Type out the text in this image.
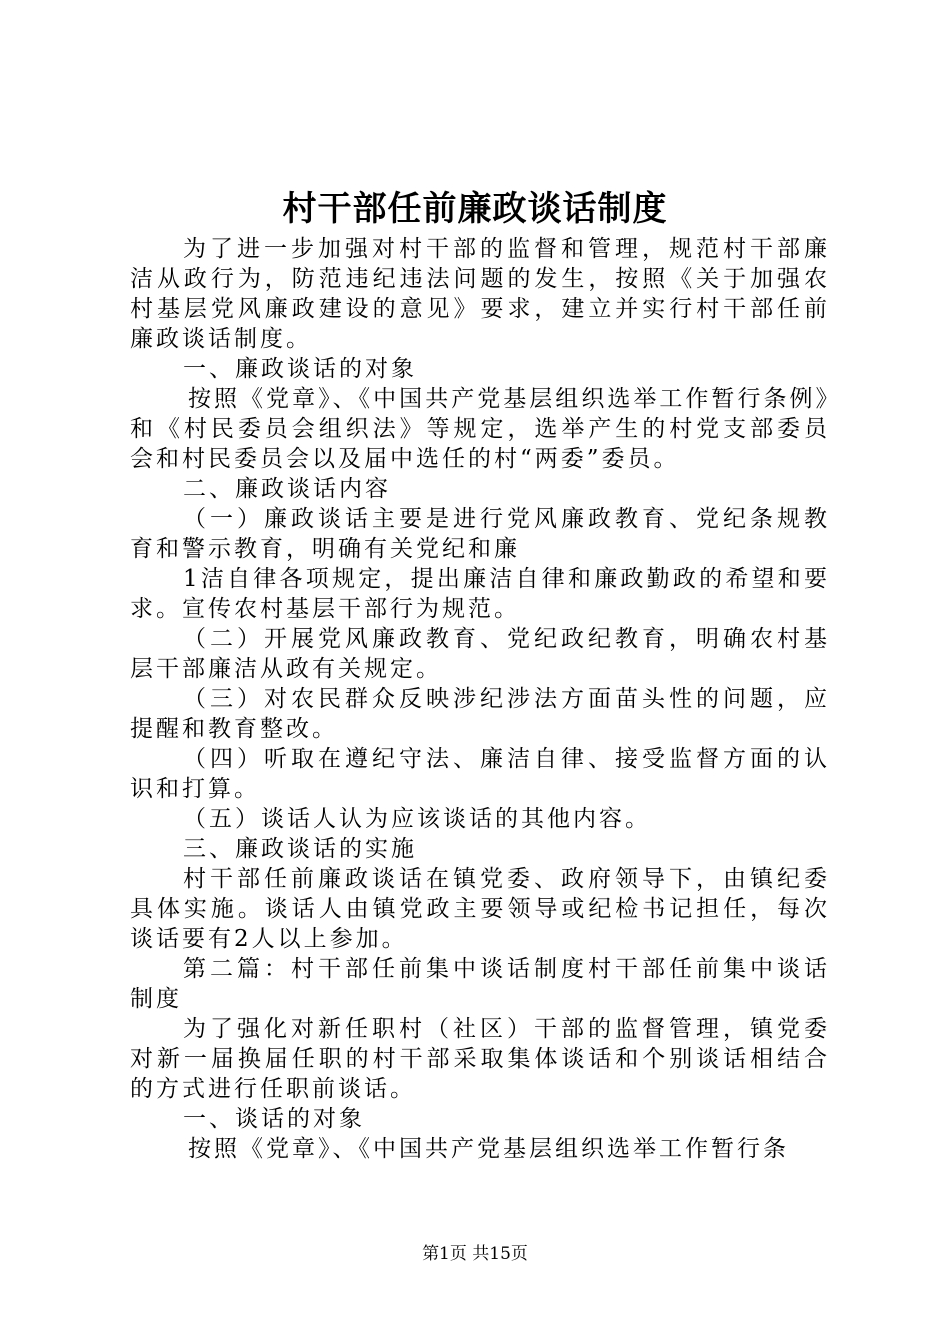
村干部任前廉政谈话制度

为了进一步加强对村干部的监督和管理，规范村干部廉洁从政行为，防范违纪违法问题的发生，按照《关于加强农村基层党风廉政建设的意见》要求，建立并实行村干部任前廉政谈话制度。

一、廉政谈话的对象

按照《党章》、《中国共产党基层组织选举工作暂行条例》和《村民委员会组织法》等规定，选举产生的村党支部委员会和村民委员会以及届中选任的村“两委”委员。

二、廉政谈话内容

（一）廉政谈话主要是进行党风廉政教育、党纪条规教育和警示教育，明确有关党纪和廉

1洁自律各项规定，提出廉洁自律和廉政勤政的希望和要求。宣传农村基层干部行为规范。

（二）开展党风廉政教育、党纪政纪教育，明确农村基层干部廉洁从政有关规定。

（三）对农民群众反映涉纪涉法方面苗头性的问题，应提醒和教育整改。

（四）听取在遵纪守法、廉洁自律、接受监督方面的认识和打算。

（五）谈话人认为应该谈话的其他内容。

三、廉政谈话的实施

村干部任前廉政谈话在镇党委、政府领导下，由镇纪委具体实施。谈话人由镇党政主要领导或纪检书记担任，每次谈话要有2人以上参加。

第二篇：村干部任前集中谈话制度村干部任前集中谈话制度

为了强化对新任职村（社区）干部的监督管理，镇党委对新一届换届任职的村干部采取集体谈话和个别谈话相结合的方式进行任职前谈话。

一、谈话的对象

按照《党章》、《中国共产党基层组织选举工作暂行条

第1页 共15页
